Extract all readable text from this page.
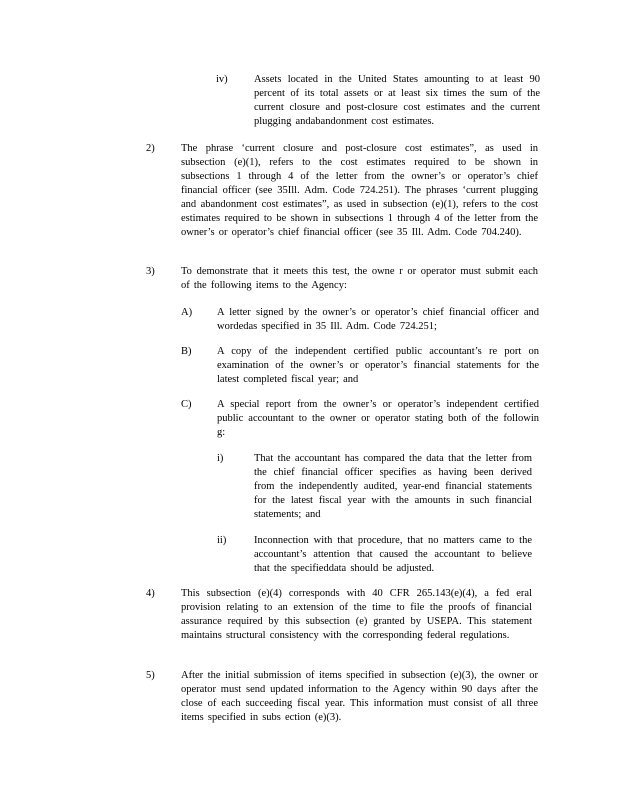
iv)	Assets located in the United States amounting to at least 90 percent of its total assets or at least six times the sum of the current closure and post-closure cost estimates and the current plugging andabandonment cost estimates.
2)	The phrase ‘current closure and post-closure cost estimates”, as used in subsection (e)(1), refers to the cost estimates required to be shown in subsections 1 through 4 of the letter from the owner’s or operator’s chief financial officer (see 35Ill. Adm. Code 724.251). The phrases ‘current plugging and abandonment cost estimates”, as used in subsection (e)(1), refers to the cost estimates required to be shown in subsections 1 through 4 of the letter from the owner’s or operator’s chief financial officer (see 35 Ill. Adm. Code 704.240).
3)	To demonstrate that it meets this test, the owne r or operator must submit each of the following items to the Agency:
A) A letter signed by the owner’s or operator’s chief financial officer and wordedas specified in 35 Ill. Adm. Code 724.251;
B) A copy of the independent certified public accountant’s re port on examination of the owner’s or operator’s financial statements for the latest completed fiscal year; and
C) A special report from the owner’s or operator’s independent certified public accountant to the owner or operator stating both of the followin g:
i)	That the accountant has compared the data that the letter from the chief financial officer specifies as having been derived from the independently audited, year-end financial statements for the latest fiscal year with the amounts in such financial statements; and
ii)	Inconnection with that procedure, that no matters came to the accountant’s attention that caused the accountant to believe that the specifieddata should be adjusted.
4)	This subsection (e)(4) corresponds with 40 CFR 265.143(e)(4), a fed eral provision relating to an extension of the time to file the proofs of financial assurance required by this subsection (e) granted by USEPA. This statement maintains structural consistency with the corresponding federal regulations.
5)	After the initial submission of items specified in subsection (e)(3), the owner or operator must send updated information to the Agency within 90 days after the close of each succeeding fiscal year. This information must consist of all three items specified in subs ection (e)(3).
